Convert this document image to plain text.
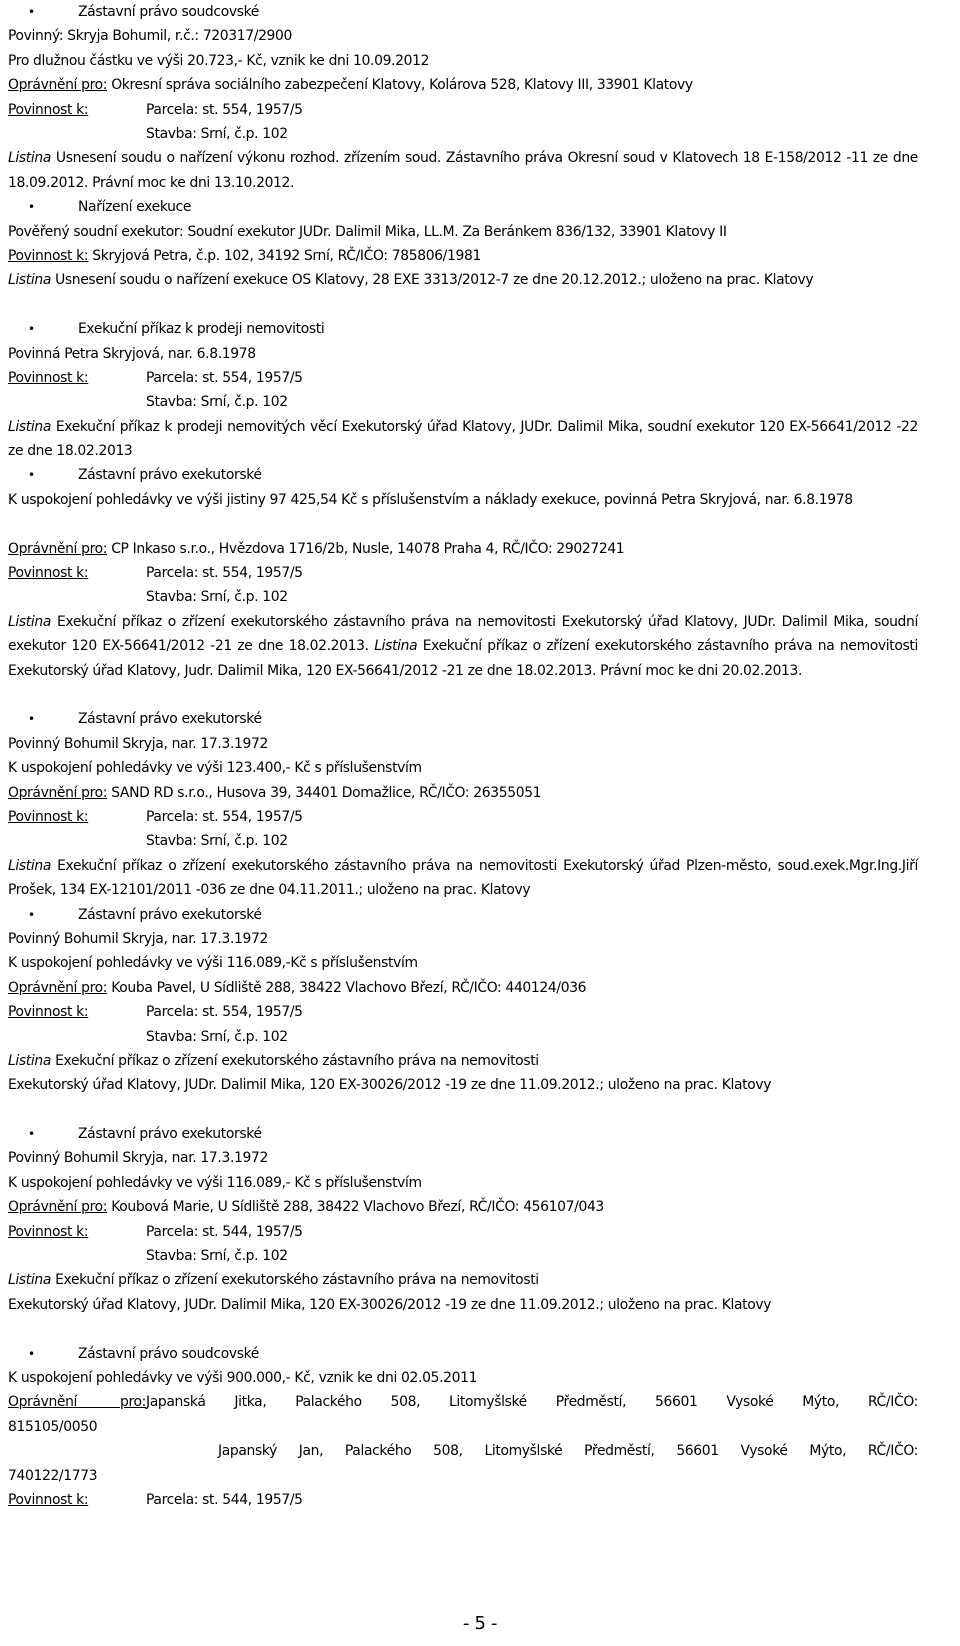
•	Zástavní právo soudcovské
Povinný: Skryja Bohumil, r.č.: 720317/2900
Pro dlužnou částku ve výši 20.723,- Kč, vznik ke dni 10.09.2012
Oprávnění pro: Okresní správa sociálního zabezpečení Klatovy, Kolárova 528, Klatovy III, 33901 Klatovy
Povinnost k:	Parcela: st. 554, 1957/5
Stavba: Srní, č.p. 102
Listina Usnesení soudu o nařízení výkonu rozhod. zřízením soud. Zástavního práva Okresní soud v Klatovech 18 E-158/2012 -11 ze dne 18.09.2012. Právní moc ke dni 13.10.2012.
•	Nařízení exekuce
Pověřený soudní exekutor: Soudní exekutor JUDr. Dalimil Mika, LL.M. Za Beránkem 836/132, 33901 Klatovy II
Povinnost k: Skryjová Petra, č.p. 102, 34192 Srní, RČ/IČO: 785806/1981
Listina Usnesení soudu o nařízení exekuce OS Klatovy, 28 EXE 3313/2012-7 ze dne 20.12.2012.; uloženo na prac. Klatovy
•	Exekuční příkaz k prodeji nemovitosti
Povinná Petra Skryjová, nar. 6.8.1978
Povinnost k:	Parcela: st. 554, 1957/5
Stavba: Srní, č.p. 102
Listina Exekuční příkaz k prodeji nemovitých věcí Exekutorský úřad Klatovy, JUDr. Dalimil Mika, soudní exekutor 120 EX-56641/2012 -22 ze dne 18.02.2013
•	Zástavní právo exekutorské
K uspokojení pohledávky ve výši jistiny 97 425,54 Kč s příslušenstvím a náklady exekuce, povinná Petra Skryjová, nar. 6.8.1978
Oprávnění pro: CP Inkaso s.r.o., Hvězdova 1716/2b, Nusle, 14078 Praha 4, RČ/IČO: 29027241
Povinnost k:	Parcela: st. 554, 1957/5
Stavba: Srní, č.p. 102
Listina Exekuční příkaz o zřízení exekutorského zástavního práva na nemovitosti Exekutorský úřad Klatovy, JUDr. Dalimil Mika, soudní exekutor 120 EX-56641/2012 -21 ze dne 18.02.2013. Listina Exekuční příkaz o zřízení exekutorského zástavního práva na nemovitosti Exekutorský úřad Klatovy, Judr. Dalimil Mika, 120 EX-56641/2012 -21 ze dne 18.02.2013. Právní moc ke dni 20.02.2013.
•	Zástavní právo exekutorské
Povinný Bohumil Skryja, nar. 17.3.1972
K uspokojení pohledávky ve výši 123.400,- Kč s příslušenstvím
Oprávnění pro: SAND RD s.r.o., Husova 39, 34401 Domažlice, RČ/IČO: 26355051
Povinnost k:	Parcela: st. 554, 1957/5
Stavba: Srní, č.p. 102
Listina Exekuční příkaz o zřízení exekutorského zástavního práva na nemovitosti Exekutorský úřad Plzen-město, soud.exek.Mgr.Ing.Jiří Prošek, 134 EX-12101/2011 -036 ze dne 04.11.2011.; uloženo na prac. Klatovy
•	Zástavní právo exekutorské
Povinný Bohumil Skryja, nar. 17.3.1972
K uspokojení pohledávky ve výši 116.089,-Kč s příslušenstvím
Oprávnění pro: Kouba Pavel, U Sídliště 288, 38422 Vlachovo Březí, RČ/IČO: 440124/036
Povinnost k:	Parcela: st. 554, 1957/5
Stavba: Srní, č.p. 102
Listina Exekuční příkaz o zřízení exekutorského zástavního práva na nemovitosti
Exekutorský úřad Klatovy, JUDr. Dalimil Mika, 120 EX-30026/2012 -19 ze dne 11.09.2012.; uloženo na prac. Klatovy
•	Zástavní právo exekutorské
Povinný Bohumil Skryja, nar. 17.3.1972
K uspokojení pohledávky ve výši 116.089,- Kč s příslušenstvím
Oprávnění pro: Koubová Marie, U Sídliště 288, 38422 Vlachovo Březí, RČ/IČO: 456107/043
Povinnost k:	Parcela: st. 544, 1957/5
Stavba: Srní, č.p. 102
Listina Exekuční příkaz o zřízení exekutorského zástavního práva na nemovitosti
Exekutorský úřad Klatovy, JUDr. Dalimil Mika, 120 EX-30026/2012 -19 ze dne 11.09.2012.; uloženo na prac. Klatovy
•	Zástavní právo soudcovské
K uspokojení pohledávky ve výši 900.000,- Kč, vznik ke dni 02.05.2011
Oprávnění pro:Japanská Jitka, Palackého 508, Litomyšlské Předměstí, 56601 Vysoké Mýto, RČ/IČO:
815105/0050
Japanský Jan, Palackého 508, Litomyšlské Předměstí, 56601 Vysoké Mýto, RČ/IČO:
740122/1773
Povinnost k:	Parcela: st. 544, 1957/5
- 5 -
